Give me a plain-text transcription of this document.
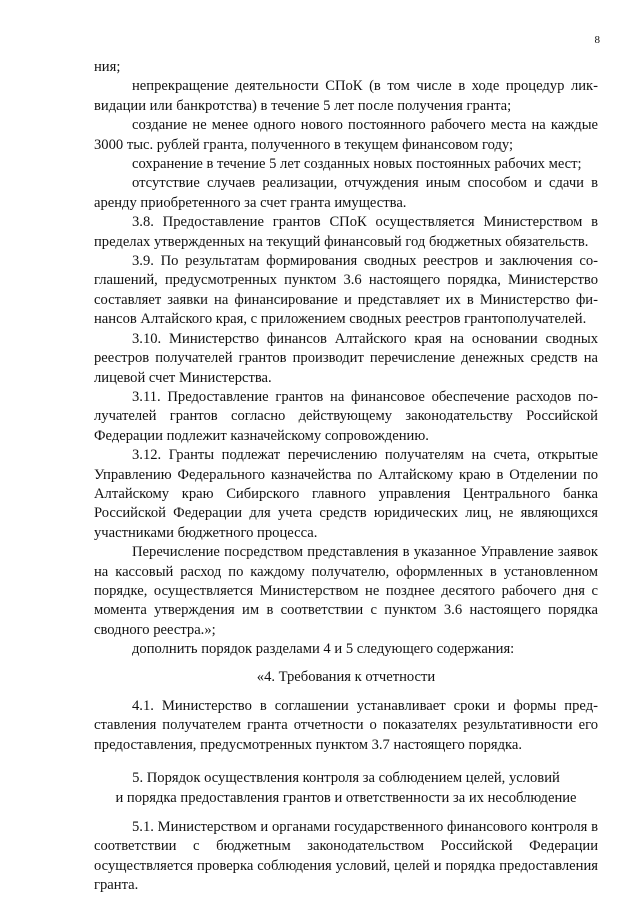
8

ния;

непрекращение деятельности СПоК (в том числе в ходе процедур ликвидации или банкротства) в течение 5 лет после получения гранта;

создание не менее одного нового постоянного рабочего места на каждые 3000 тыс. рублей гранта, полученного в текущем финансовом году;

сохранение в течение 5 лет созданных новых постоянных рабочих мест;

отсутствие случаев реализации, отчуждения иным способом и сдачи в аренду приобретенного за счет гранта имущества.

3.8. Предоставление грантов СПоК осуществляется Министерством в пределах утвержденных на текущий финансовый год бюджетных обязательств.

3.9. По результатам формирования сводных реестров и заключения соглашений, предусмотренных пунктом 3.6 настоящего порядка, Министерство составляет заявки на финансирование и представляет их в Министерство финансов Алтайского края, с приложением сводных реестров грантополучателей.

3.10. Министерство финансов Алтайского края на основании сводных реестров получателей грантов производит перечисление денежных средств на лицевой счет Министерства.

3.11. Предоставление грантов на финансовое обеспечение расходов получателей грантов согласно действующему законодательству Российской Федерации подлежит казначейскому сопровождению.

3.12. Гранты подлежат перечислению получателям на счета, открытые Управлению Федерального казначейства по Алтайскому краю в Отделении по Алтайскому краю Сибирского главного управления Центрального банка Российской Федерации для учета средств юридических лиц, не являющихся участниками бюджетного процесса.

Перечисление посредством представления в указанное Управление заявок на кассовый расход по каждому получателю, оформленных в установленном порядке, осуществляется Министерством не позднее десятого рабочего дня с момента утверждения им в соответствии с пунктом 3.6 настоящего порядка сводного реестра.»;

дополнить порядок разделами 4 и 5 следующего содержания:

«4. Требования к отчетности

4.1. Министерство в соглашении устанавливает сроки и формы представления получателем гранта отчетности о показателях результативности его предоставления, предусмотренных пунктом 3.7 настоящего порядка.

5. Порядок осуществления контроля за соблюдением целей, условий
и порядка предоставления грантов и ответственности за их несоблюдение

5.1. Министерством и органами государственного финансового контроля в соответствии с бюджетным законодательством Российской Федерации осуществляется проверка соблюдения условий, целей и порядка предоставления гранта.
